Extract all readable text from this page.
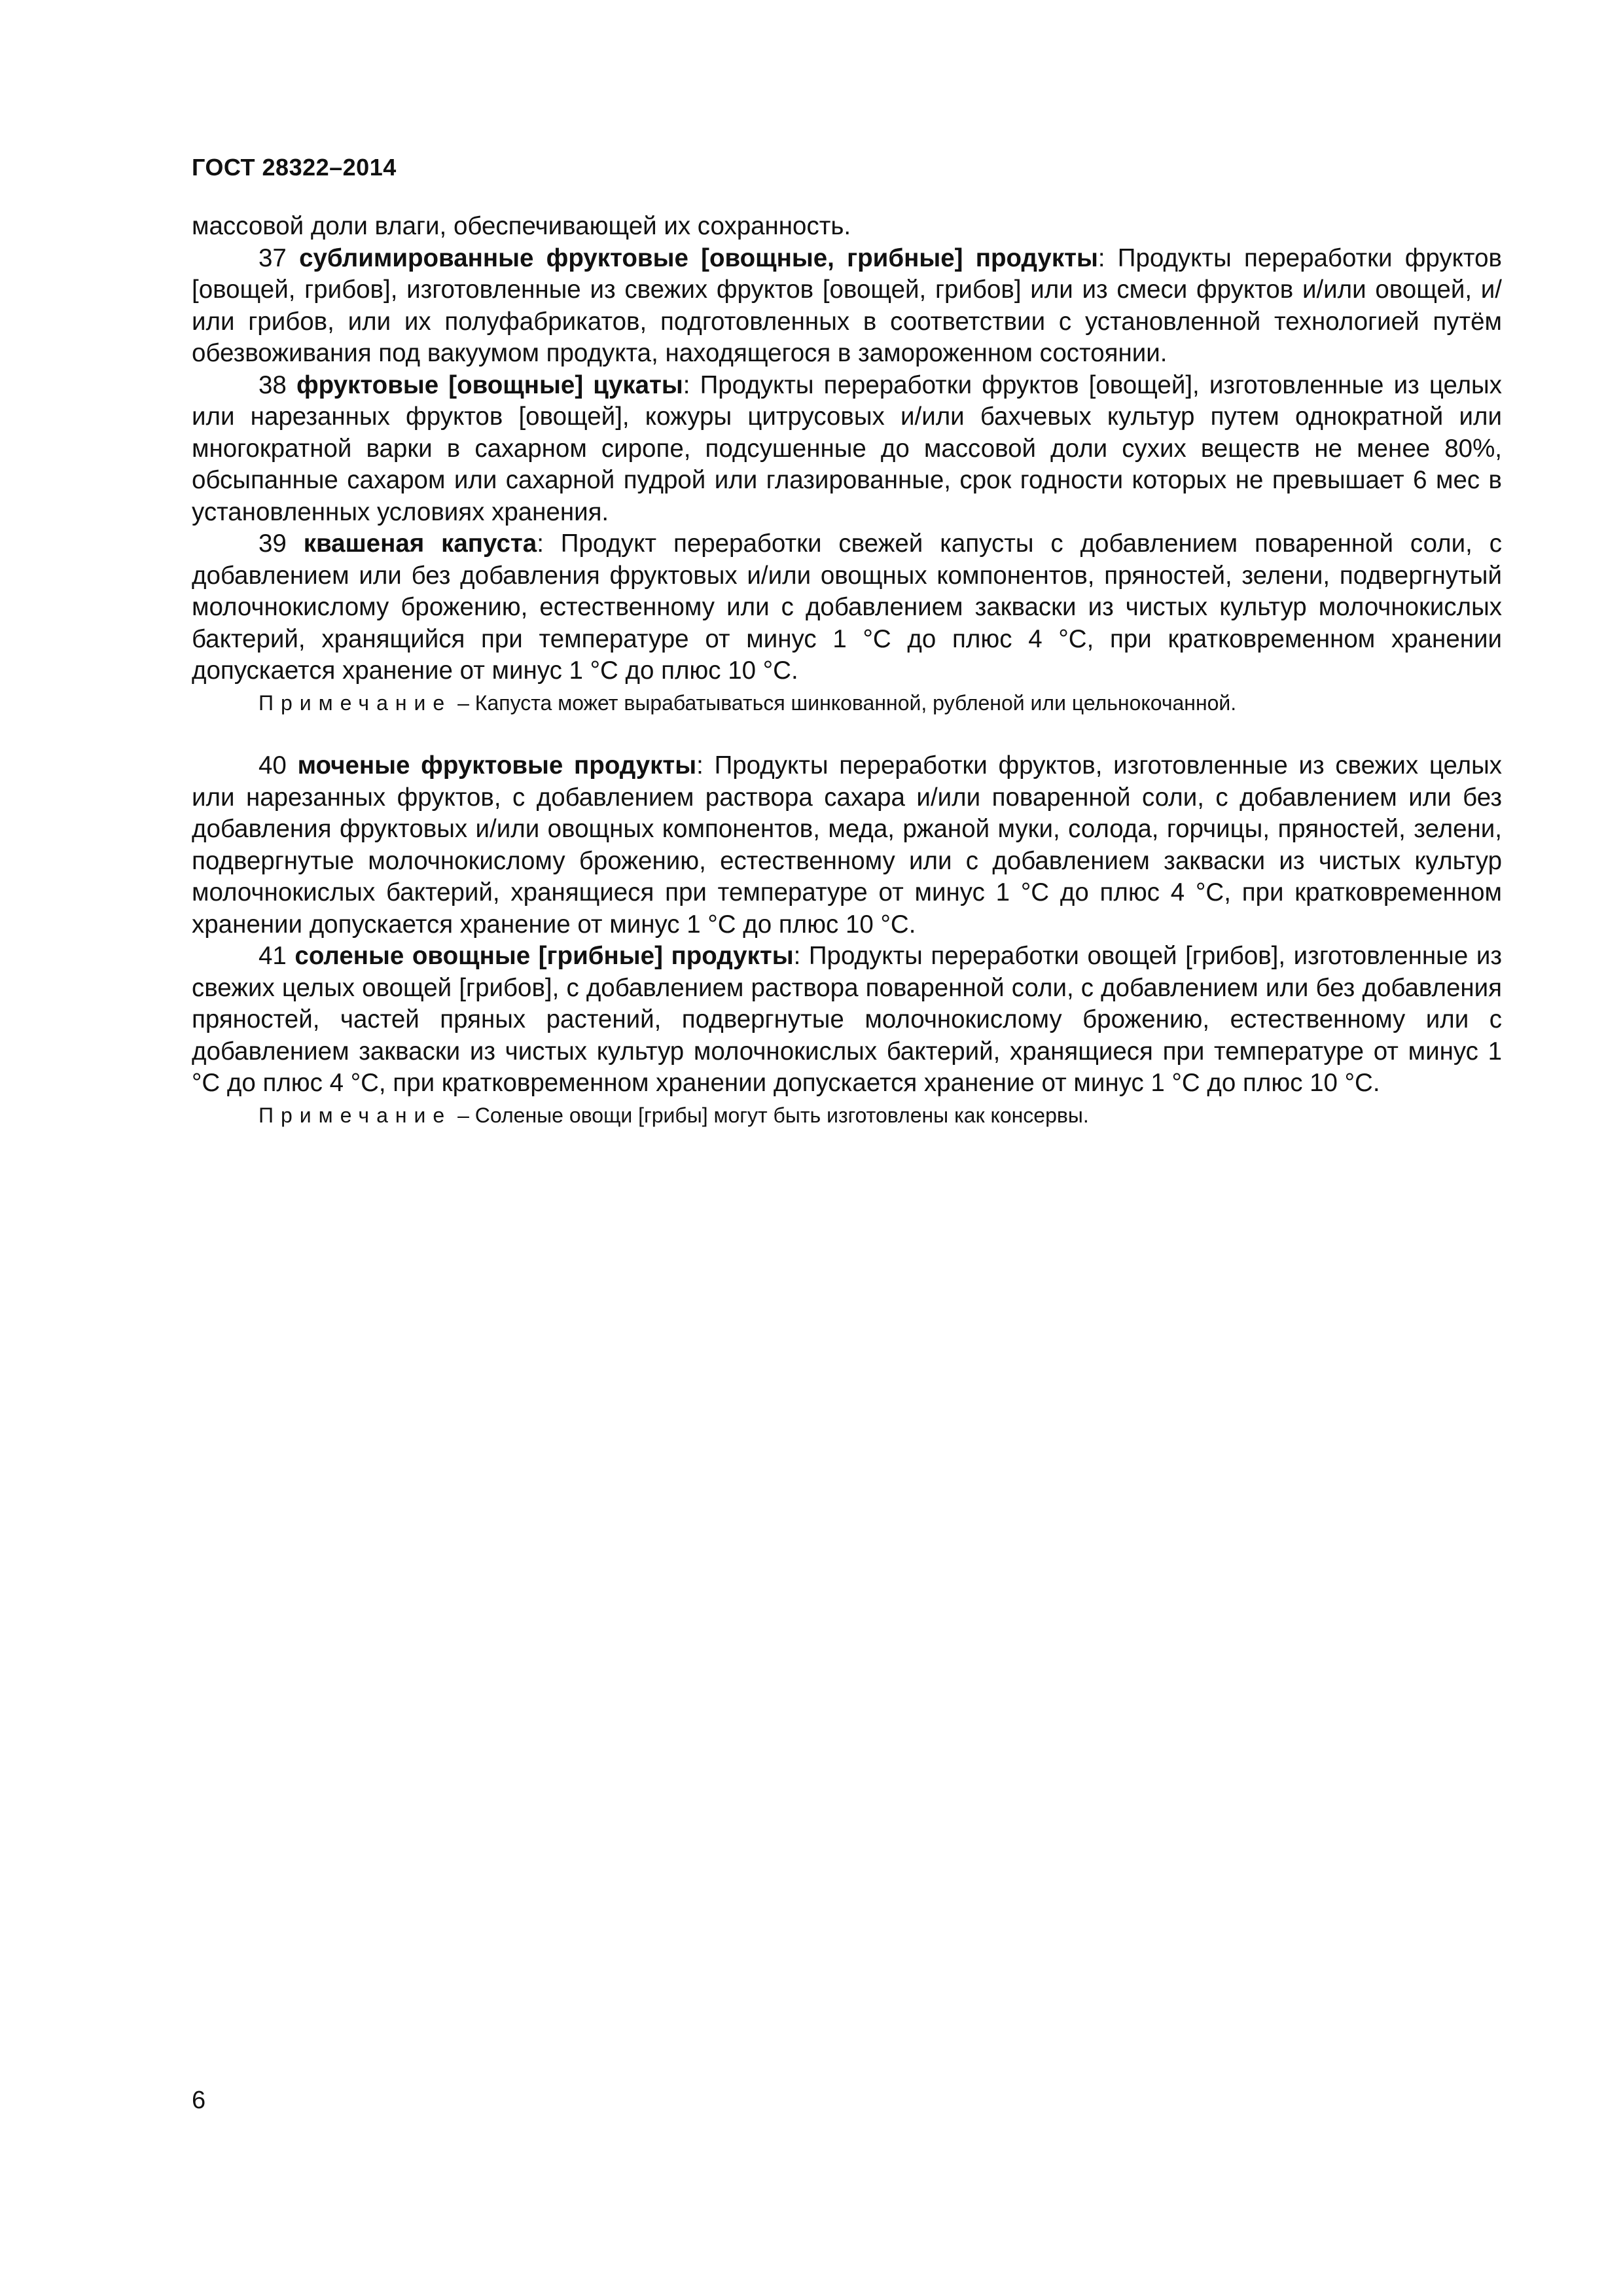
ГОСТ 28322–2014

массовой доли влаги, обеспечивающей их сохранность.

37 сублимированные фруктовые [овощные, грибные] продукты: Продукты переработки фруктов [овощей, грибов], изготовленные из свежих фруктов [овощей, грибов] или из смеси фруктов и/или овощей, и/или грибов, или их полуфабрикатов, подготовленных в соответствии с установленной технологией путём обезвоживания под вакуумом продукта, находящегося в замороженном состоянии.

38 фруктовые [овощные] цукаты: Продукты переработки фруктов [овощей], изготовленные из целых или нарезанных фруктов [овощей], кожуры цитрусовых и/или бахчевых культур путем однократной или многократной варки в сахарном сиропе, подсушенные до массовой доли сухих веществ не менее 80%, обсыпанные сахаром или сахарной пудрой или глазированные, срок годности которых не превышает 6 мес в установленных условиях хранения.

39 квашеная капуста: Продукт переработки свежей капусты с добавлением поваренной соли, с добавлением или без добавления фруктовых и/или овощных компонентов, пряностей, зелени, подвергнутый молочнокислому брожению, естественному или с добавлением закваски из чистых культур молочнокислых бактерий, хранящийся при температуре от минус 1 °С до плюс 4 °С, при кратковременном хранении допускается хранение от минус 1 °С до плюс 10 °С.

Примечание – Капуста может вырабатываться шинкованной, рубленой или цельнокочанной.

40 моченые фруктовые продукты: Продукты переработки фруктов, изготовленные из свежих целых или нарезанных фруктов, с добавлением раствора сахара и/или поваренной соли, с добавлением или без добавления фруктовых и/или овощных компонентов, меда, ржаной муки, солода, горчицы, пряностей, зелени, подвергнутые молочнокислому брожению, естественному или с добавлением закваски из чистых культур молочнокислых бактерий, хранящиеся при температуре от минус 1 °С до плюс 4 °С, при кратковременном хранении допускается хранение от минус 1 °С до плюс 10 °С.

41 соленые овощные [грибные] продукты: Продукты переработки овощей [грибов], изготовленные из свежих целых овощей [грибов], с добавлением раствора поваренной соли, с добавлением или без добавления пряностей, частей пряных растений, подвергнутые молочнокислому брожению, естественному или с добавлением закваски из чистых культур молочнокислых бактерий, хранящиеся при температуре от минус 1 °С до плюс 4 °С, при кратковременном хранении допускается хранение от минус 1 °С до плюс 10 °С.

Примечание – Соленые овощи [грибы] могут быть изготовлены как консервы.

6
